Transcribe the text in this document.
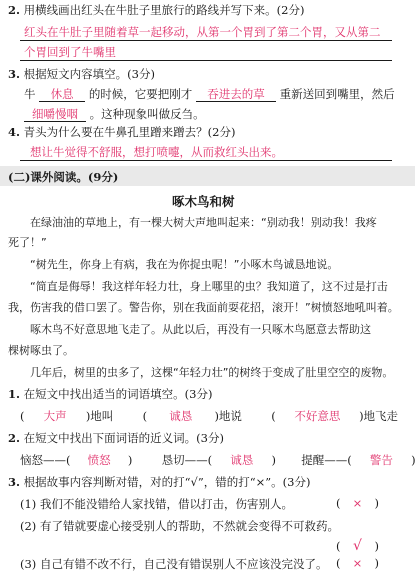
2. 用横线画出红头在牛肚子里旅行的路线并写下来。(2分)
红头在牛肚子里随着草一起移动，从第一个胃到了第二个胃，又从第二
个胃回到了牛嘴里
3. 根据短文内容填空。(3分)
牛 休息 的时候，它要把刚才 吞进去的草 重新送回到嘴里，然后
细嚼慢咽 。这种现象叫做反刍。
4. 青头为什么要在牛鼻孔里蹭来蹭去？(2分)
想让牛觉得不舒服，想打喷嚏，从而救红头出来。
(二)课外阅读。(9分)
啄木鸟和树
在绿油油的草地上，有一棵大树大声地叫起来：“别动我！别动我！我疼
死了！”
“树先生，你身上有病，我在为你捉虫呢！”小啄木鸟诚恳地说。
“简直是侮辱！我这样年轻力壮，身上哪里的虫？我知道了，这不过是打击
我，伤害我的借口罢了。警告你，别在我面前耍花招，滚开！”树愤怒地吼叫着。
啄木鸟不好意思地飞走了。从此以后，再没有一只啄木鸟愿意去帮助这
棵树啄虫了。
几年后，树里的虫多了，这棵“年轻力壮”的树终于变成了肚里空空的废物。
1. 在短文中找出适当的词语填空。(3分)
( 大声 )地叫	( 诚恳 )地说	( 不好意思 )地飞走
2. 在短文中找出下面词语的近义词。(3分)
恼怒——( 愤怒 )	恳切——( 诚恳 ) 提醒——( 警告 )
3. 根据故事内容判断对错，对的打“√”，错的打“×”。(3分)
(1) 我们不能没错给人家找错，借以打击，伤害别人。	( × )
(2) 有了错就要虚心接受别人的帮助，不然就会变得不可救药。
( √ )
(3) 自己有错不改不行，自己没有错误别人不应该没完没了。 ( × )
